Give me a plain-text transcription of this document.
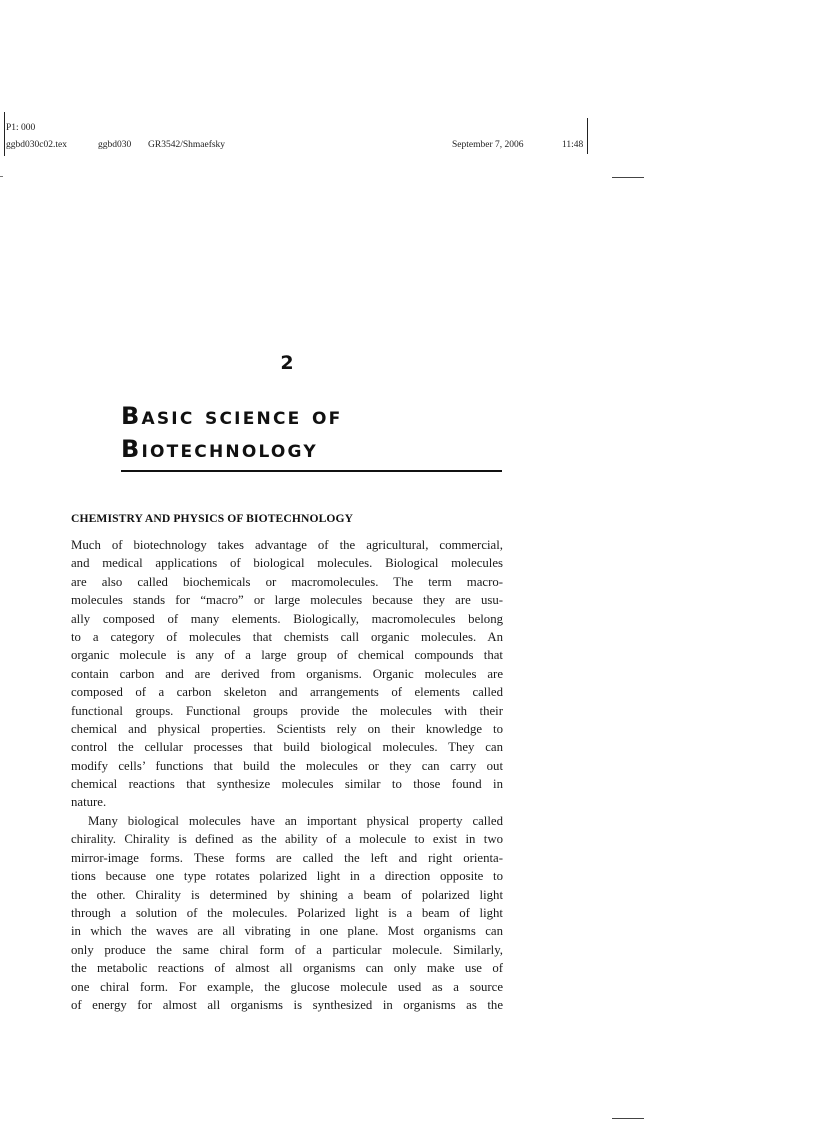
P1: 000
ggbd030c02.tex	ggbd030 GR3542/Shmaefsky	September 7, 2006	11:48
2
Basic science of
Biotechnology
CHEMISTRY AND PHYSICS OF BIOTECHNOLOGY
Much of biotechnology takes advantage of the agricultural, commercial,
and medical applications of biological molecules. Biological molecules
are also called biochemicals or macromolecules. The term macro-
molecules stands for “macro” or large molecules because they are usu-
ally composed of many elements. Biologically, macromolecules belong
to a category of molecules that chemists call organic molecules. An
organic molecule is any of a large group of chemical compounds that
contain carbon and are derived from organisms. Organic molecules are
composed of a carbon skeleton and arrangements of elements called
functional groups. Functional groups provide the molecules with their
chemical and physical properties. Scientists rely on their knowledge to
control the cellular processes that build biological molecules. They can
modify cells’ functions that build the molecules or they can carry out
chemical reactions that synthesize molecules similar to those found in
nature.
Many biological molecules have an important physical property called
chirality. Chirality is defined as the ability of a molecule to exist in two
mirror-image forms. These forms are called the left and right orienta-
tions because one type rotates polarized light in a direction opposite to
the other. Chirality is determined by shining a beam of polarized light
through a solution of the molecules. Polarized light is a beam of light
in which the waves are all vibrating in one plane. Most organisms can
only produce the same chiral form of a particular molecule. Similarly,
the metabolic reactions of almost all organisms can only make use of
one chiral form. For example, the glucose molecule used as a source
of energy for almost all organisms is synthesized in organisms as the
